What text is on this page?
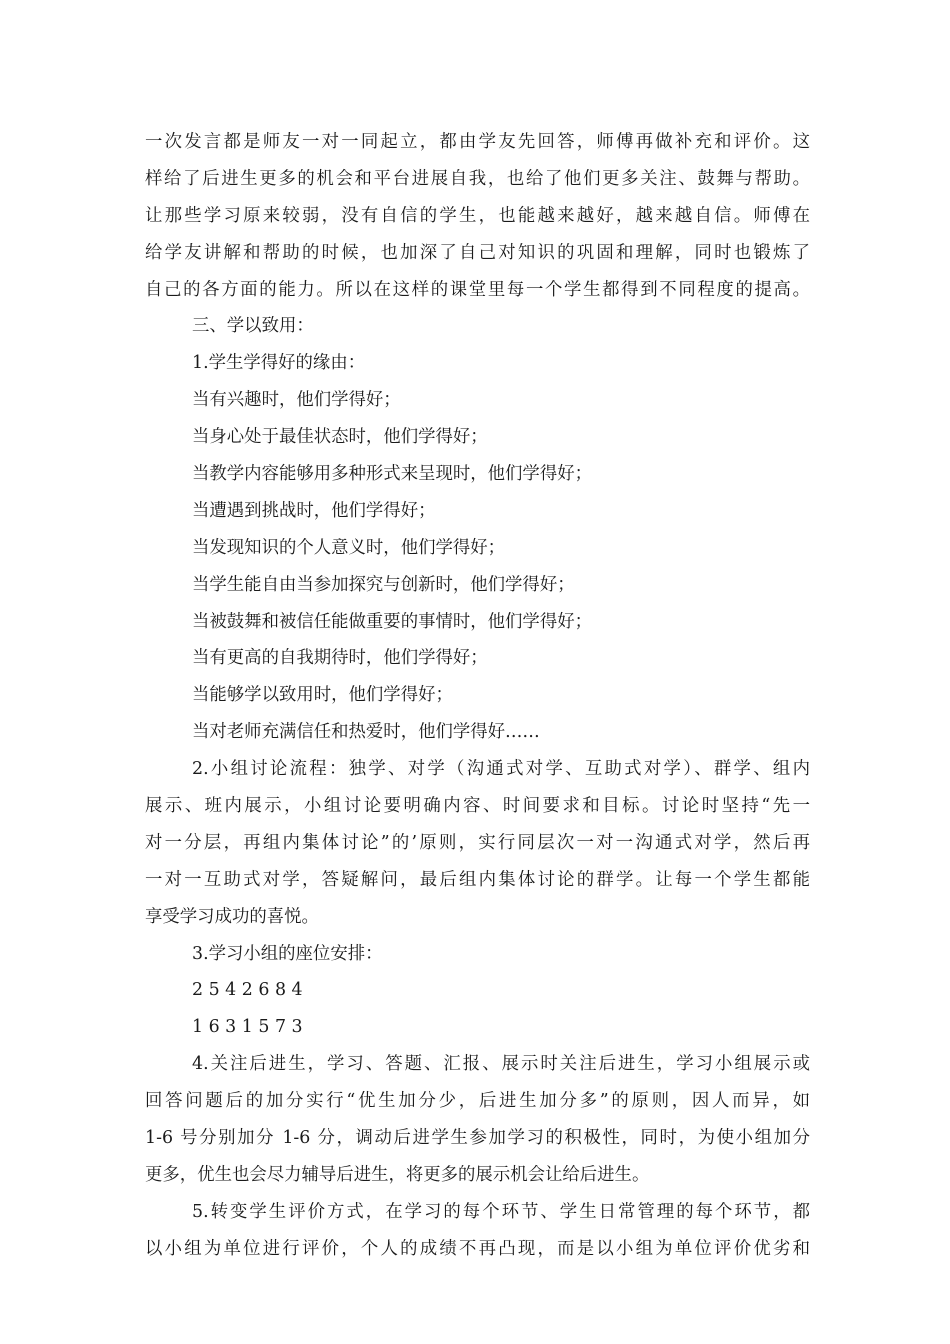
一次发言都是师友一对一同起立，都由学友先回答，师傅再做补充和评价。这
样给了后进生更多的机会和平台进展自我，也给了他们更多关注、鼓舞与帮助。
让那些学习原来较弱，没有自信的学生，也能越来越好，越来越自信。师傅在
给学友讲解和帮助的时候，也加深了自己对知识的巩固和理解，同时也锻炼了
自己的各方面的能力。所以在这样的课堂里每一个学生都得到不同程度的提高。
三、学以致用：
1.学生学得好的缘由：
当有兴趣时，他们学得好；
当身心处于最佳状态时，他们学得好；
当教学内容能够用多种形式来呈现时，他们学得好；
当遭遇到挑战时，他们学得好；
当发现知识的个人意义时，他们学得好；
当学生能自由当参加探究与创新时，他们学得好；
当被鼓舞和被信任能做重要的事情时，他们学得好；
当有更高的自我期待时，他们学得好；
当能够学以致用时，他们学得好；
当对老师充满信任和热爱时，他们学得好……
2.小组讨论流程：独学、对学（沟通式对学、互助式对学）、群学、组内
展示、班内展示，小组讨论要明确内容、时间要求和目标。讨论时坚持“先一
对一分层，再组内集体讨论”的’原则，实行同层次一对一沟通式对学，然后再
一对一互助式对学，答疑解问，最后组内集体讨论的群学。让每一个学生都能
享受学习成功的喜悦。
3.学习小组的座位安排：
2 5 4 2 6 8 4
1 6 3 1 5 7 3
4.关注后进生，学习、答题、汇报、展示时关注后进生，学习小组展示或
回答问题后的加分实行“优生加分少，后进生加分多”的原则，因人而异，如
1-6 号分别加分 1-6 分，调动后进学生参加学习的积极性，同时，为使小组加分
更多，优生也会尽力辅导后进生，将更多的展示机会让给后进生。
5.转变学生评价方式，在学习的每个环节、学生日常管理的每个环节，都
以小组为单位进行评价，个人的成绩不再凸现，而是以小组为单位评价优劣和
